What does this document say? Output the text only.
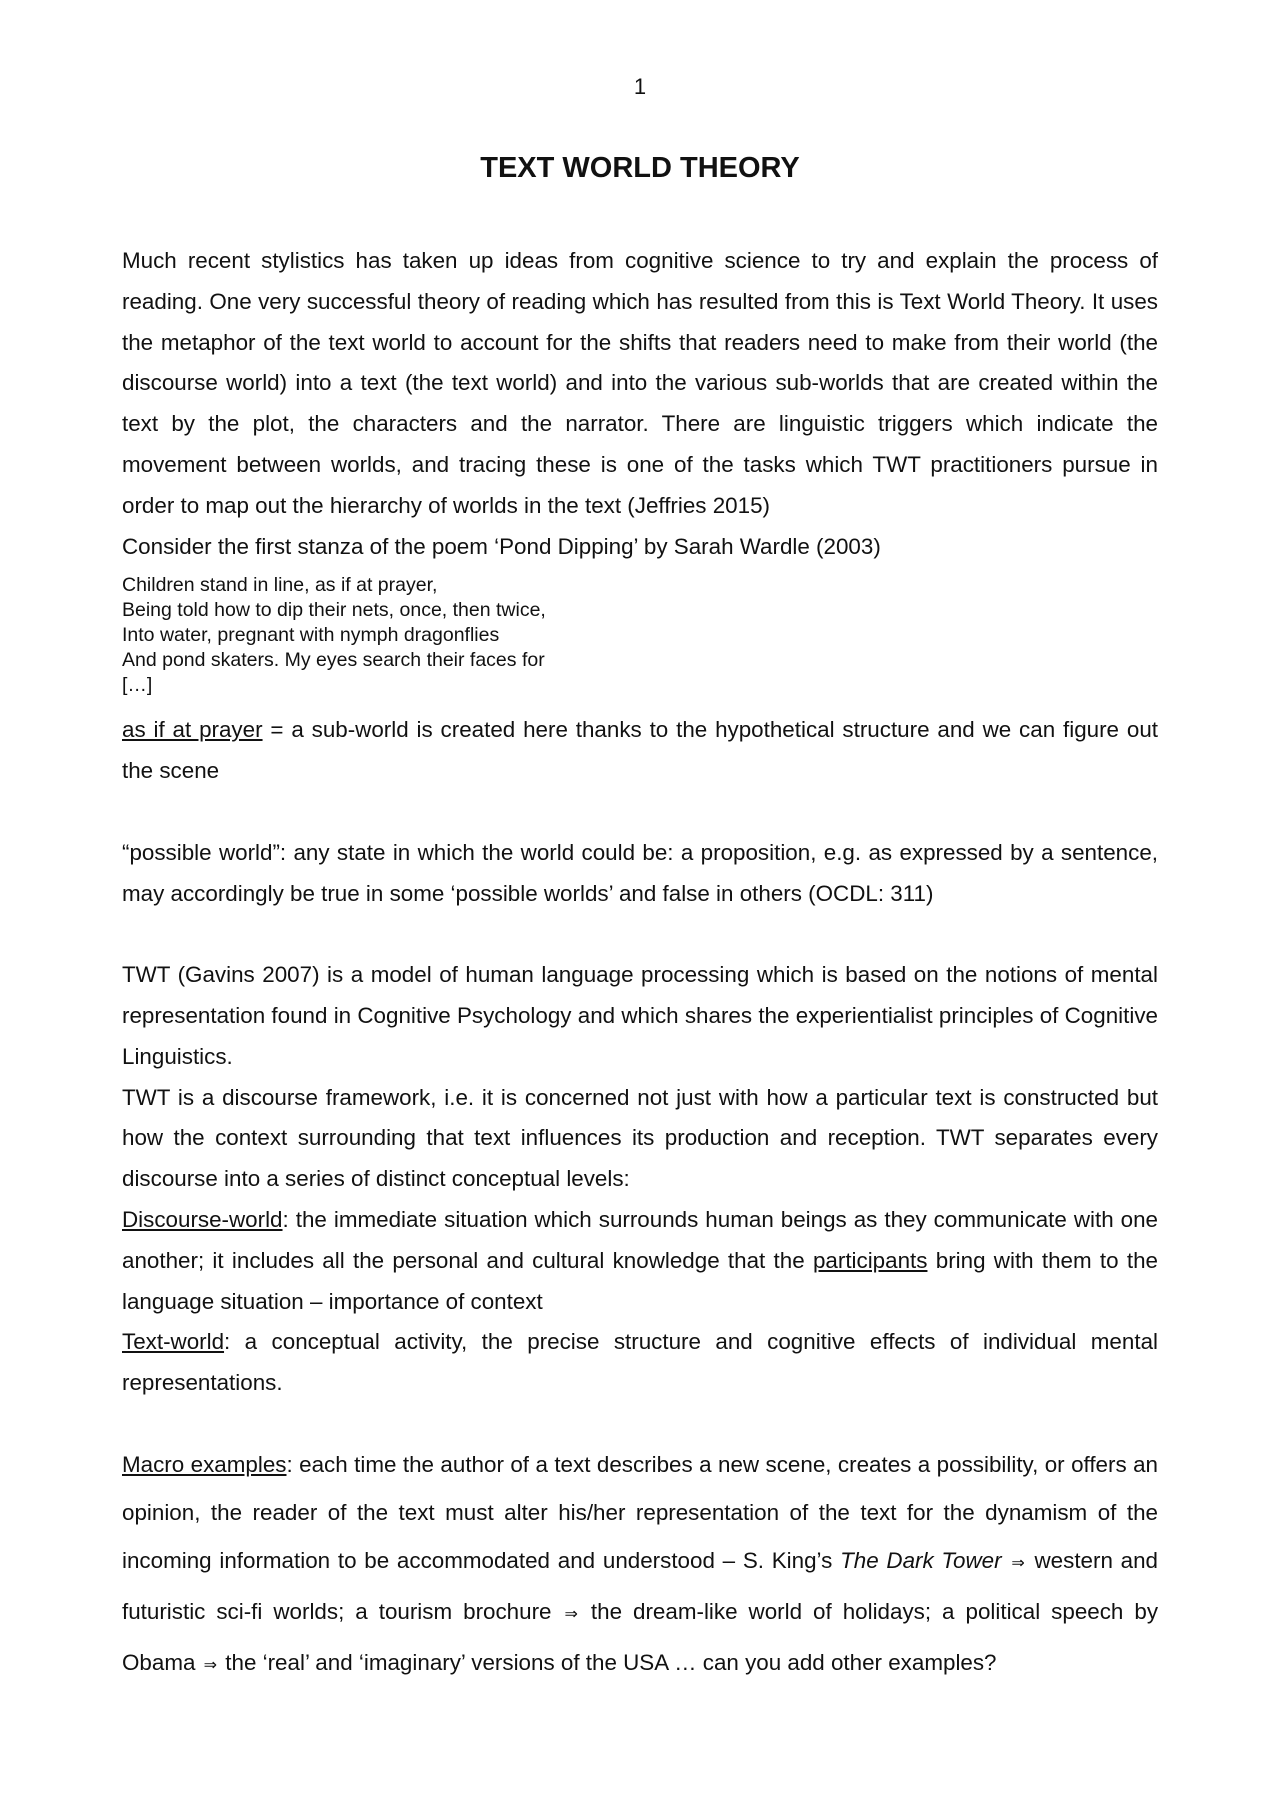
1
TEXT WORLD THEORY

Much recent stylistics has taken up ideas from cognitive science to try and explain the process of reading. One very successful theory of reading which has resulted from this is Text World Theory. It uses the metaphor of the text world to account for the shifts that readers need to make from their world (the discourse world) into a text (the text world) and into the various sub-worlds that are created within the text by the plot, the characters and the narrator. There are linguistic triggers which indicate the movement between worlds, and tracing these is one of the tasks which TWT practitioners pursue in order to map out the hierarchy of worlds in the text (Jeffries 2015)

Consider the first stanza of the poem ‘Pond Dipping’ by Sarah Wardle (2003)

Children stand in line, as if at prayer,
Being told how to dip their nets, once, then twice,
Into water, pregnant with nymph dragonflies
And pond skaters. My eyes search their faces for
[…]

as if at prayer = a sub-world is created here thanks to the hypothetical structure and we can figure out the scene

“possible world”: any state in which the world could be: a proposition, e.g. as expressed by a sentence, may accordingly be true in some ‘possible worlds’ and false in others (OCDL: 311)

TWT (Gavins 2007) is a model of human language processing which is based on the notions of mental representation found in Cognitive Psychology and which shares the experientialist principles of Cognitive Linguistics.

TWT is a discourse framework, i.e. it is concerned not just with how a particular text is constructed but how the context surrounding that text influences its production and reception. TWT separates every discourse into a series of distinct conceptual levels:

Discourse-world: the immediate situation which surrounds human beings as they communicate with one another; it includes all the personal and cultural knowledge that the participants bring with them to the language situation – importance of context

Text-world: a conceptual activity, the precise structure and cognitive effects of individual mental representations.

Macro examples: each time the author of a text describes a new scene, creates a possibility, or offers an opinion, the reader of the text must alter his/her representation of the text for the dynamism of the incoming information to be accommodated and understood – S. King’s The Dark Tower ⇒ western and futuristic sci-fi worlds; a tourism brochure ⇒ the dream-like world of holidays; a political speech by Obama ⇒ the ‘real’ and ‘imaginary’ versions of the USA … can you add other examples?
